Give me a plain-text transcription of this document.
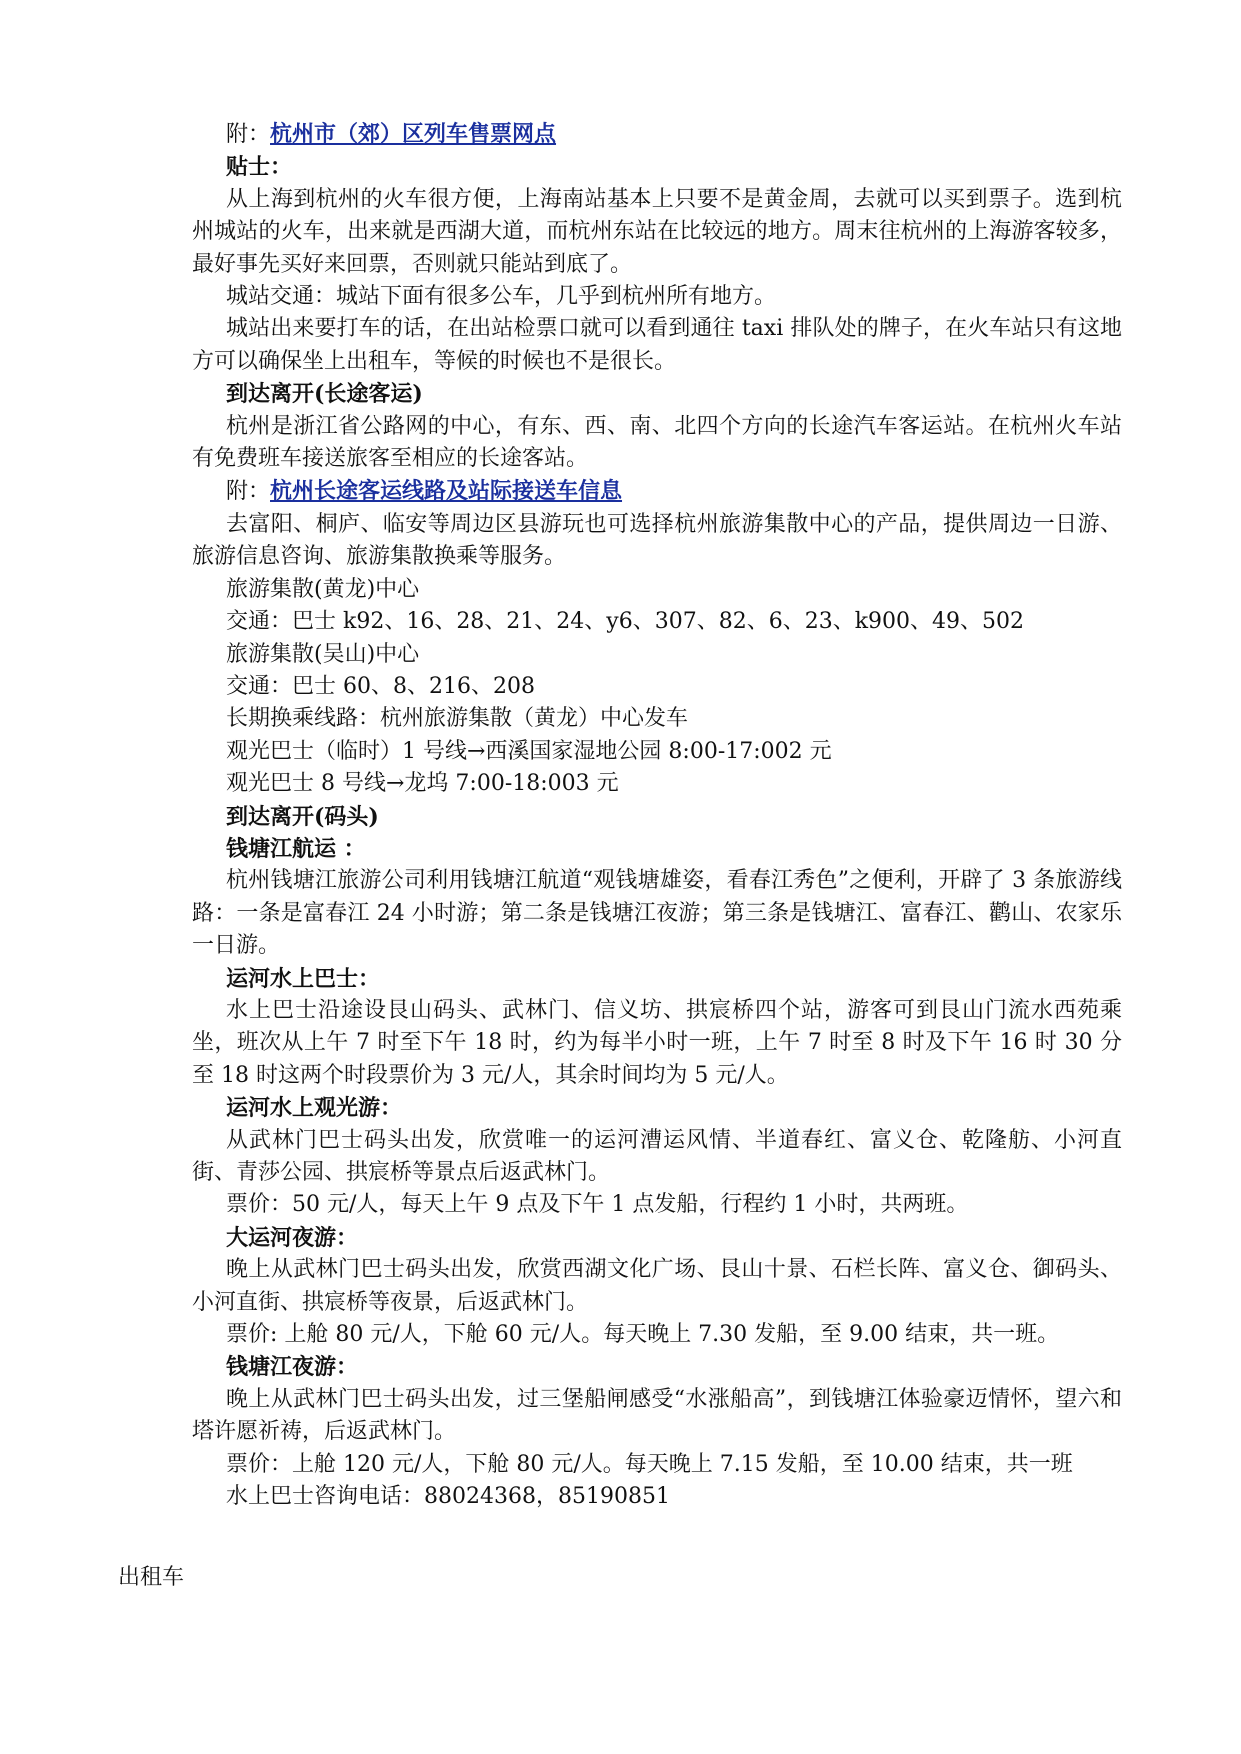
附：杭州市（郊）区列车售票网点
贴士：
从上海到杭州的火车很方便，上海南站基本上只要不是黄金周，去就可以买到票子。选到杭州城站的火车，出来就是西湖大道，而杭州东站在比较远的地方。周末往杭州的上海游客较多，最好事先买好来回票，否则就只能站到底了。
城站交通：城站下面有很多公车，几乎到杭州所有地方。
城站出来要打车的话，在出站检票口就可以看到通往 taxi 排队处的牌子，在火车站只有这地方可以确保坐上出租车，等候的时候也不是很长。
到达离开(长途客运)
杭州是浙江省公路网的中心，有东、西、南、北四个方向的长途汽车客运站。在杭州火车站有免费班车接送旅客至相应的长途客站。
附：杭州长途客运线路及站际接送车信息
去富阳、桐庐、临安等周边区县游玩也可选择杭州旅游集散中心的产品，提供周边一日游、旅游信息咨询、旅游集散换乘等服务。
旅游集散(黄龙)中心
交通：巴士 k92、16、28、21、24、y6、307、82、6、23、k900、49、502
旅游集散(吴山)中心
交通：巴士 60、8、216、208
长期换乘线路：杭州旅游集散（黄龙）中心发车
观光巴士（临时）1 号线→西溪国家湿地公园 8:00-17:002 元
观光巴士 8 号线→龙坞 7:00-18:003 元
到达离开(码头)
钱塘江航运 ：
杭州钱塘江旅游公司利用钱塘江航道“观钱塘雄姿，看春江秀色”之便利，开辟了 3 条旅游线路：一条是富春江 24 小时游；第二条是钱塘江夜游；第三条是钱塘江、富春江、鹳山、农家乐一日游。
运河水上巴士：
水上巴士沿途设艮山码头、武林门、信义坊、拱宸桥四个站，游客可到艮山门流水西苑乘坐，班次从上午 7 时至下午 18 时，约为每半小时一班，上午 7 时至 8 时及下午 16 时 30 分至 18 时这两个时段票价为 3 元/人，其余时间均为 5 元/人。
运河水上观光游：
从武林门巴士码头出发，欣赏唯一的运河漕运风情、半道春红、富义仓、乾隆舫、小河直街、青莎公园、拱宸桥等景点后返武林门。
票价：50 元/人，每天上午 9 点及下午 1 点发船，行程约 1 小时，共两班。
大运河夜游：
晚上从武林门巴士码头出发，欣赏西湖文化广场、艮山十景、石栏长阵、富义仓、御码头、小河直街、拱宸桥等夜景，后返武林门。
票价: 上舱 80 元/人，下舱 60 元/人。每天晚上 7.30 发船，至 9.00 结束，共一班。
钱塘江夜游：
晚上从武林门巴士码头出发，过三堡船闸感受“水涨船高”，到钱塘江体验豪迈情怀，望六和塔许愿祈祷，后返武林门。
票价：上舱 120 元/人，下舱 80 元/人。每天晚上 7.15 发船，至 10.00 结束，共一班
水上巴士咨询电话：88024368，85190851
出租车
